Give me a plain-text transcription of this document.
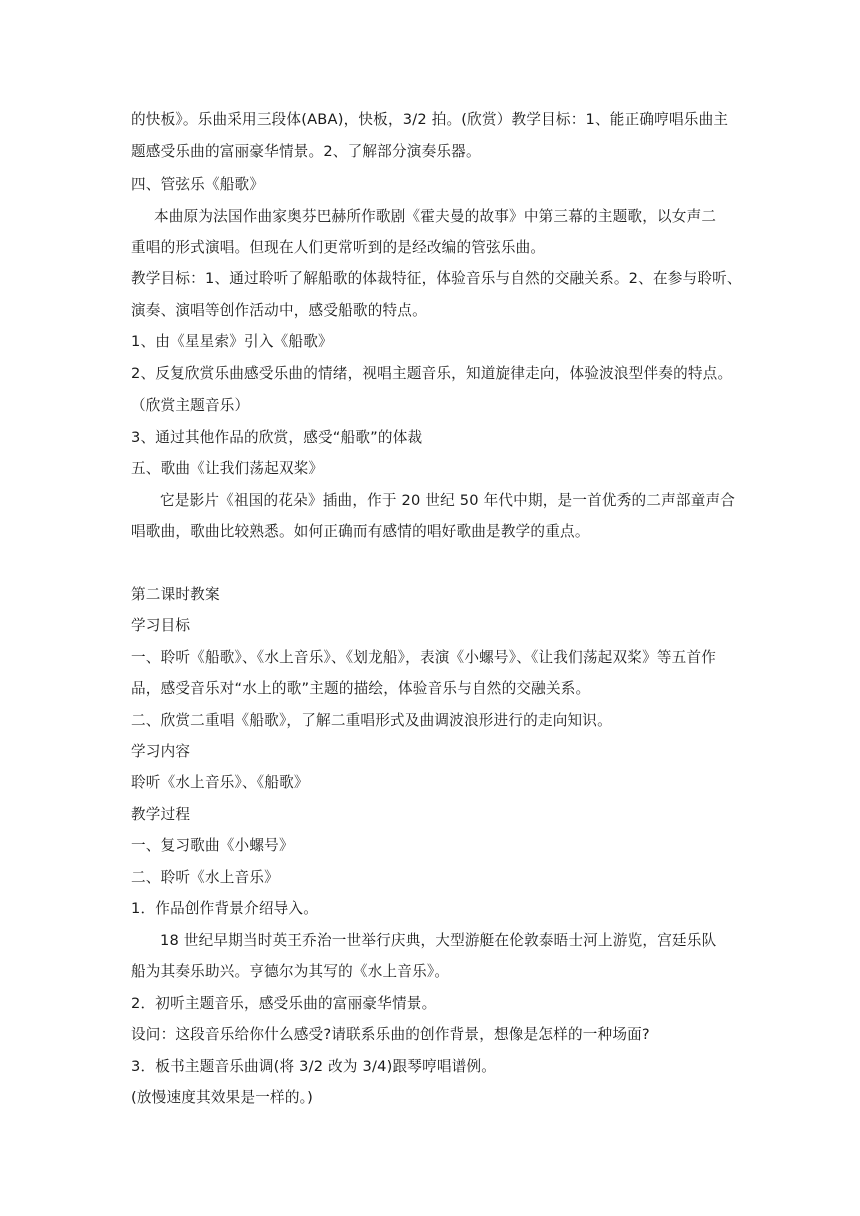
的快板》。乐曲采用三段体(ABA)，快板，3/2 拍。(欣赏）教学目标：1、能正确哼唱乐曲主
题感受乐曲的富丽豪华情景。2、了解部分演奏乐器。
四、管弦乐《船歌》
本曲原为法国作曲家奥芬巴赫所作歌剧《霍夫曼的故事》中第三幕的主题歌，以女声二
重唱的形式演唱。但现在人们更常听到的是经改编的管弦乐曲。
教学目标：1、通过聆听了解船歌的体裁特征，体验音乐与自然的交融关系。2、在参与聆听、
演奏、演唱等创作活动中，感受船歌的特点。
1、由《星星索》引入《船歌》
2、反复欣赏乐曲感受乐曲的情绪，视唱主题音乐，知道旋律走向，体验波浪型伴奏的特点。
（欣赏主题音乐）
3、通过其他作品的欣赏，感受“船歌”的体裁
五、歌曲《让我们荡起双桨》
它是影片《祖国的花朵》插曲，作于 20 世纪 50 年代中期，是一首优秀的二声部童声合
唱歌曲，歌曲比较熟悉。如何正确而有感情的唱好歌曲是教学的重点。
第二课时教案
学习目标
一、聆听《船歌》、《水上音乐》、《划龙船》，表演《小螺号》、《让我们荡起双桨》等五首作
品，感受音乐对“水上的歌”主题的描绘，体验音乐与自然的交融关系。
二、欣赏二重唱《船歌》，了解二重唱形式及曲调波浪形进行的走向知识。
学习内容
聆听《水上音乐》、《船歌》
教学过程
一、复习歌曲《小螺号》
二、聆听《水上音乐》
1．作品创作背景介绍导入。
18 世纪早期当时英王乔治一世举行庆典，大型游艇在伦敦泰晤士河上游览，宫廷乐队
船为其奏乐助兴。亨德尔为其写的《水上音乐》。
2．初听主题音乐，感受乐曲的富丽豪华情景。
设问：这段音乐给你什么感受?请联系乐曲的创作背景，想像是怎样的一种场面?
3．板书主题音乐曲调(将 3/2 改为 3/4)跟琴哼唱谱例。
(放慢速度其效果是一样的。)
